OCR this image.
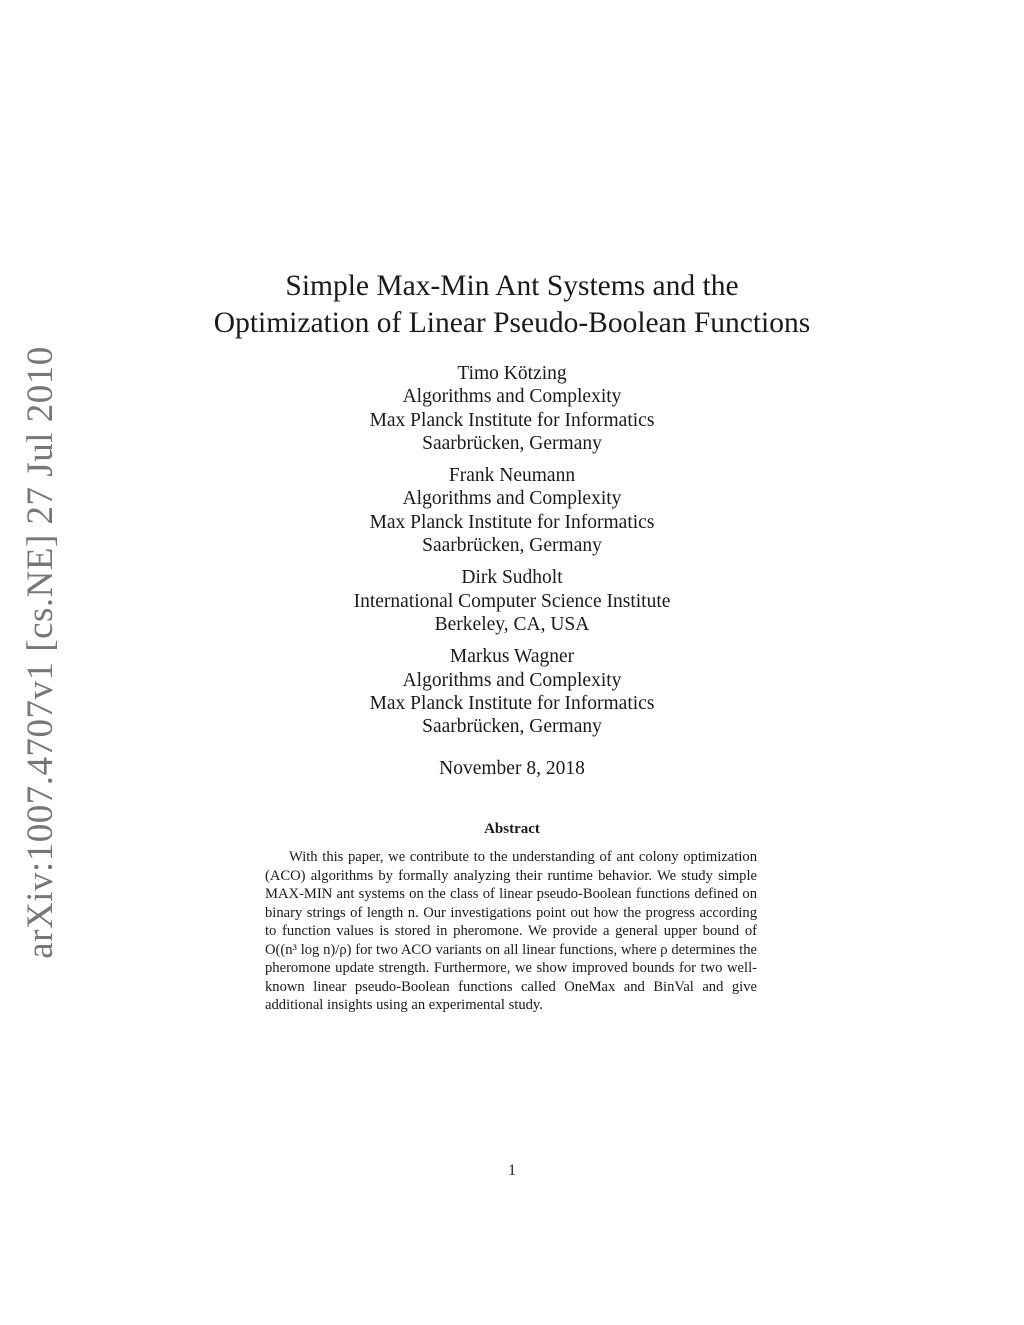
arXiv:1007.4707v1 [cs.NE] 27 Jul 2010
Simple Max-Min Ant Systems and the
Optimization of Linear Pseudo-Boolean Functions
Timo Kötzing
Algorithms and Complexity
Max Planck Institute for Informatics
Saarbrücken, Germany
Frank Neumann
Algorithms and Complexity
Max Planck Institute for Informatics
Saarbrücken, Germany
Dirk Sudholt
International Computer Science Institute
Berkeley, CA, USA
Markus Wagner
Algorithms and Complexity
Max Planck Institute for Informatics
Saarbrücken, Germany
November 8, 2018
Abstract
With this paper, we contribute to the understanding of ant colony optimization (ACO) algorithms by formally analyzing their runtime behavior. We study simple MAX-MIN ant systems on the class of linear pseudo-Boolean functions defined on binary strings of length n. Our investigations point out how the progress according to function values is stored in pheromone. We provide a general upper bound of O((n³ log n)/ρ) for two ACO variants on all linear functions, where ρ determines the pheromone update strength. Furthermore, we show improved bounds for two well-known linear pseudo-Boolean functions called OneMax and BinVal and give additional insights using an experimental study.
1
